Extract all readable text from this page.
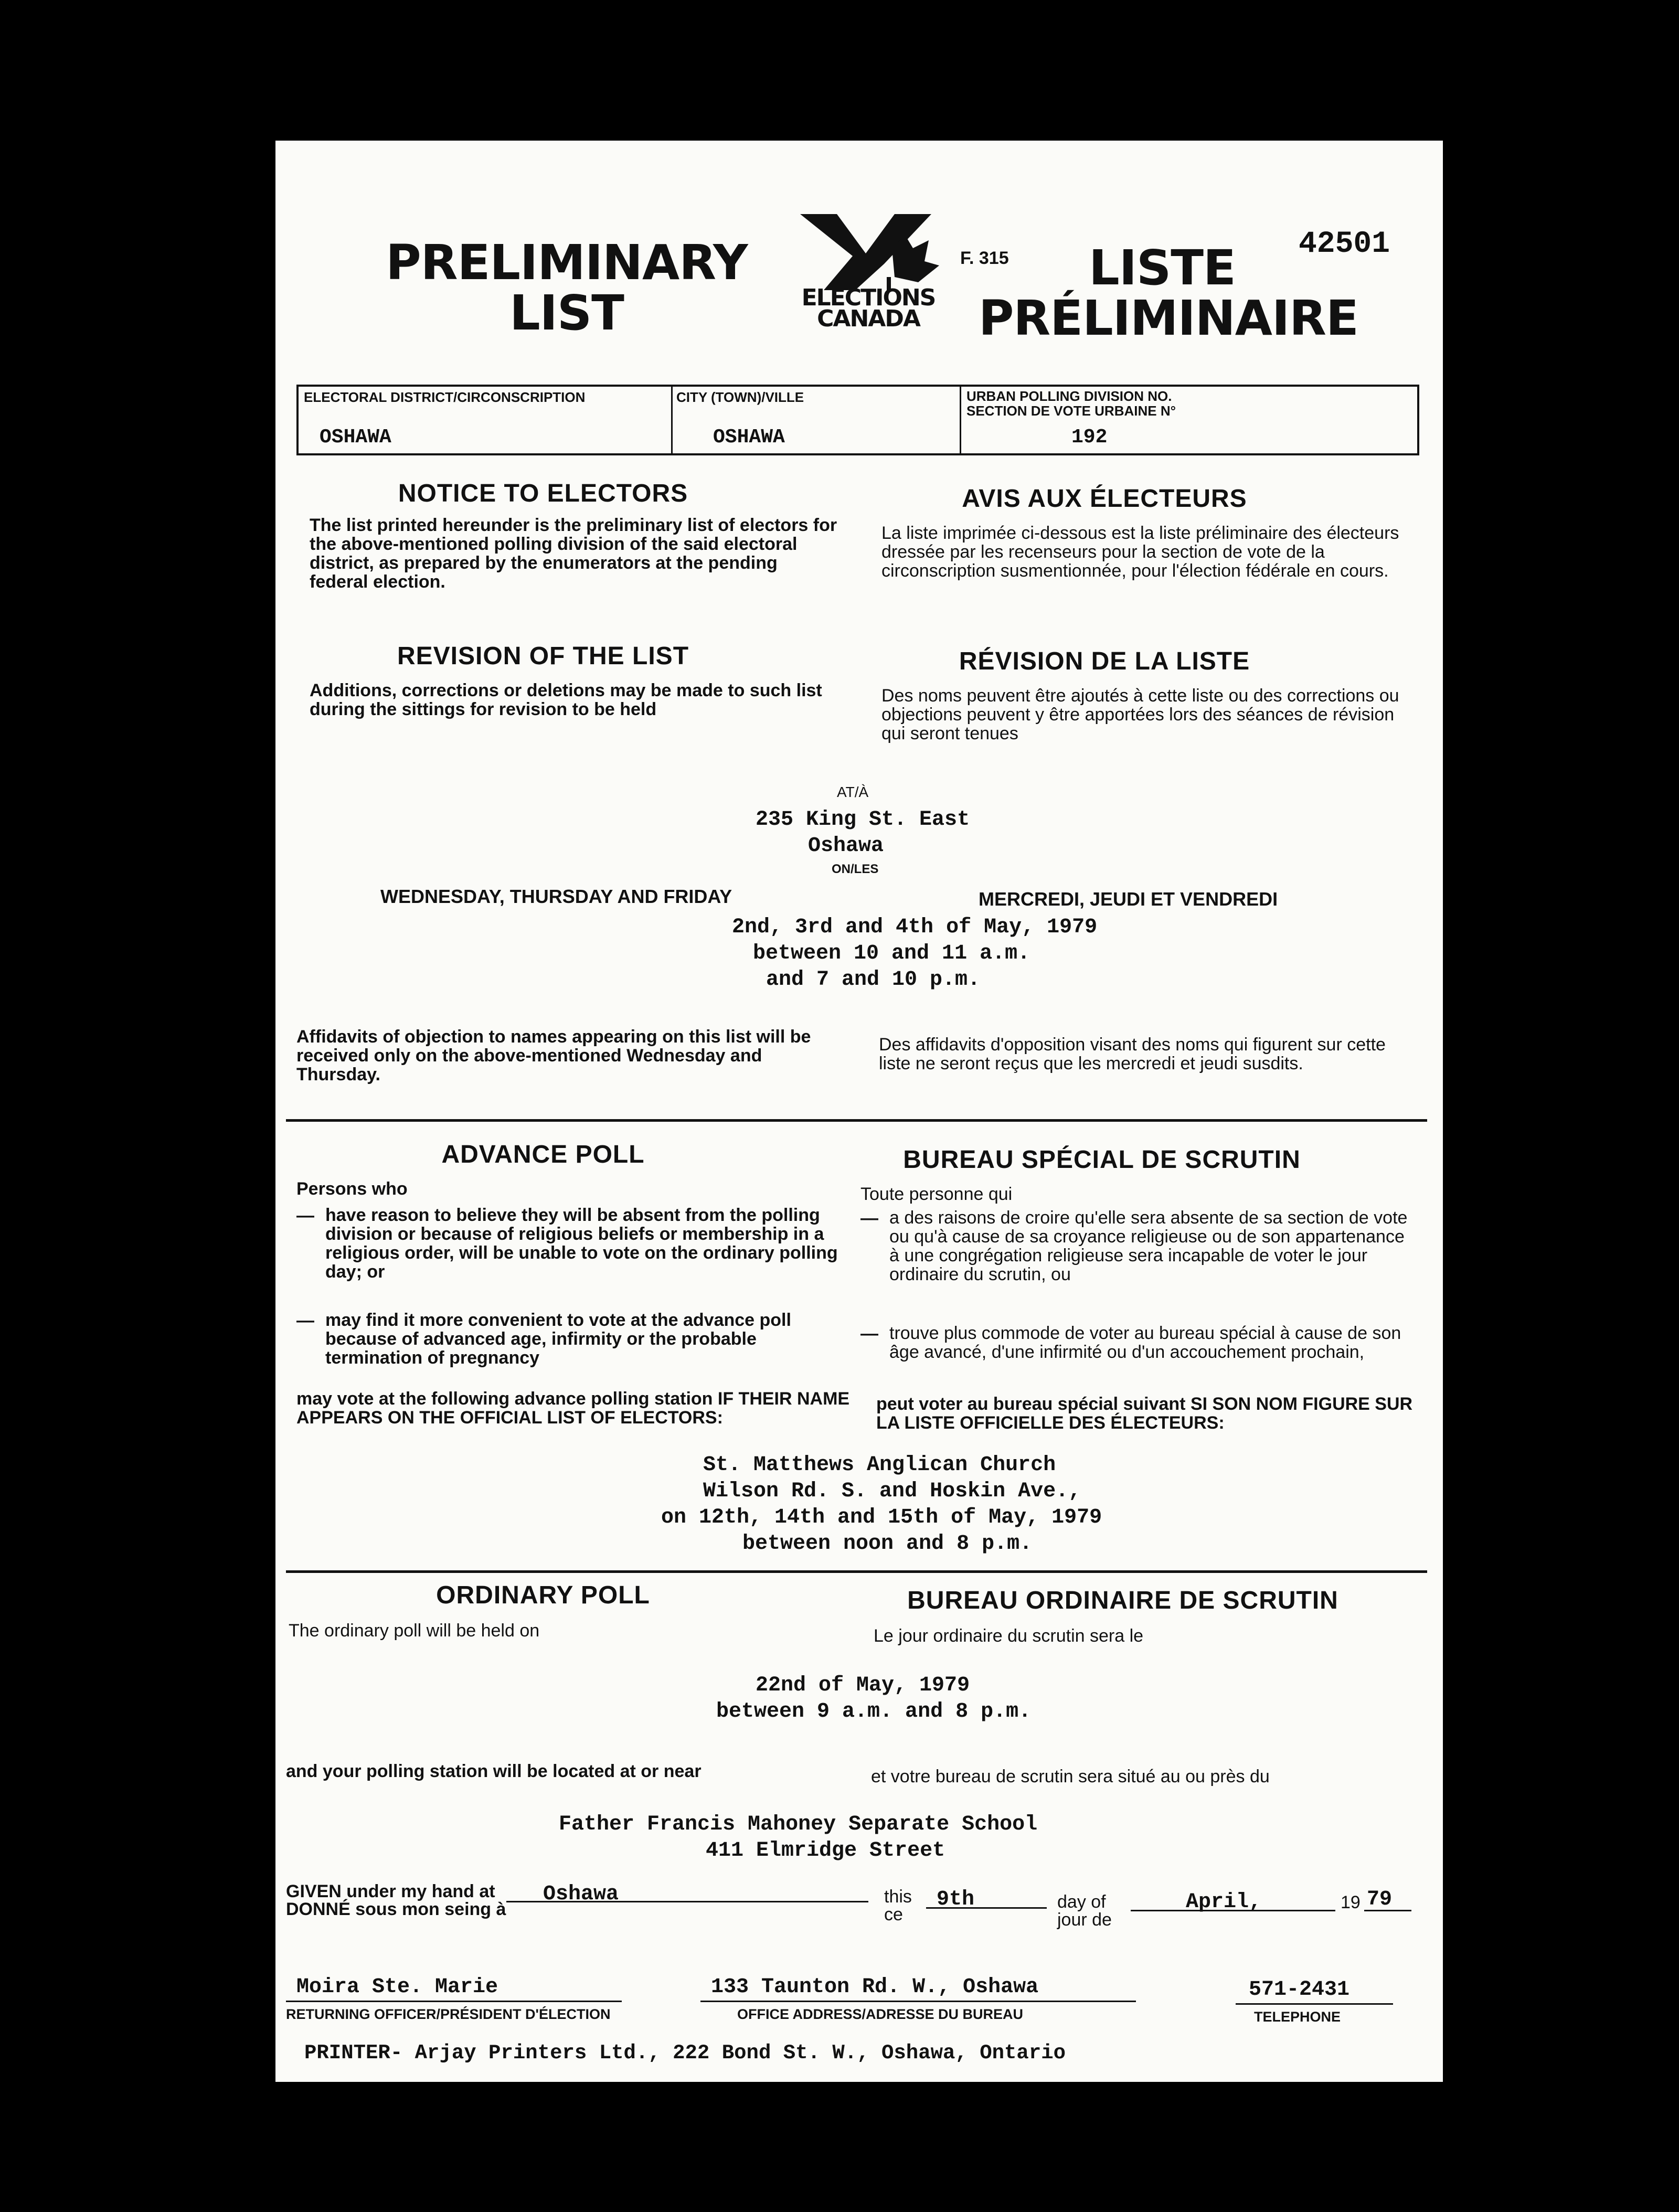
42501
F. 315
PRELIMINARY
LIST	ELECTIONS
CANADA
LISTE
PRÉLIMINAIRE
ELECTORAL DISTRICT/CIRCONSCRIPTION
OSHAWA
CITY (TOWN)/VILLE
OSHAWA
URBAN POLLING DIVISION NO.
SECTION DE VOTE URBAINE N°
192
NOTICE TO ELECTORS	AVIS AUX ÉLECTEURS
The list printed hereunder is the preliminary list of electors for the above-mentioned polling division of the said electoral district, as prepared by the enumerators at the pending federal election.
La liste imprimée ci-dessous est la liste préliminaire des électeurs dressée par les recenseurs pour la section de vote de la circonscription susmentionnée, pour l'élection fédérale en cours.
REVISION OF THE LIST	RÉVISION DE LA LISTE
Additions, corrections or deletions may be made to such list during the sittings for revision to be held
Des noms peuvent être ajoutés à cette liste ou des corrections ou objections peuvent y être apportées lors des séances de révision qui seront tenues
AT/À
235 King St. East
Oshawa
ON/LES
WEDNESDAY, THURSDAY AND FRIDAY	MERCREDI, JEUDI ET VENDREDI
2nd, 3rd and 4th of May, 1979
between 10 and 11 a.m.
and 7 and 10 p.m.
Affidavits of objection to names appearing on this list will be received only on the above-mentioned Wednesday and Thursday.
Des affidavits d'opposition visant des noms qui figurent sur cette liste ne seront reçus que les mercredi et jeudi susdits.
ADVANCE POLL	BUREAU SPÉCIAL DE SCRUTIN
Persons who	Toute personne qui
— have reason to believe they will be absent from the polling division or because of religious beliefs or membership in a religious order, will be unable to vote on the ordinary polling day; or
— may find it more convenient to vote at the advance poll because of advanced age, infirmity or the probable termination of pregnancy
— a des raisons de croire qu'elle sera absente de sa section de vote ou qu'à cause de sa croyance religieuse ou de son appartenance à une congrégation religieuse sera incapable de voter le jour ordinaire du scrutin, ou
— trouve plus commode de voter au bureau spécial à cause de son âge avancé, d'une infirmité ou d'un accouchement prochain,
may vote at the following advance polling station IF THEIR NAME APPEARS ON THE OFFICIAL LIST OF ELECTORS:
peut voter au bureau spécial suivant SI SON NOM FIGURE SUR LA LISTE OFFICIELLE DES ÉLECTEURS:
St. Matthews Anglican Church
Wilson Rd. S. and Hoskin Ave.,
on 12th, 14th and 15th of May, 1979
between noon and 8 p.m.
ORDINARY POLL	BUREAU ORDINAIRE DE SCRUTIN
The ordinary poll will be held on	Le jour ordinaire du scrutin sera le
22nd of May, 1979
between 9 a.m. and 8 p.m.
and your polling station will be located at or near	et votre bureau de scrutin sera situé au ou près du
Father Francis Mahoney Separate School
411 Elmridge Street
GIVEN under my hand at
DONNÉ sous mon seing à
Oshawa	this
ce
9th	day of
jour de
April,	19 79
Moira Ste. Marie
RETURNING OFFICER/PRÉSIDENT D'ÉLECTION
133 Taunton Rd. W., Oshawa
OFFICE ADDRESS/ADRESSE DU BUREAU
571-2431
TELEPHONE
PRINTER- Arjay Printers Ltd., 222 Bond St. W., Oshawa, Ontario
